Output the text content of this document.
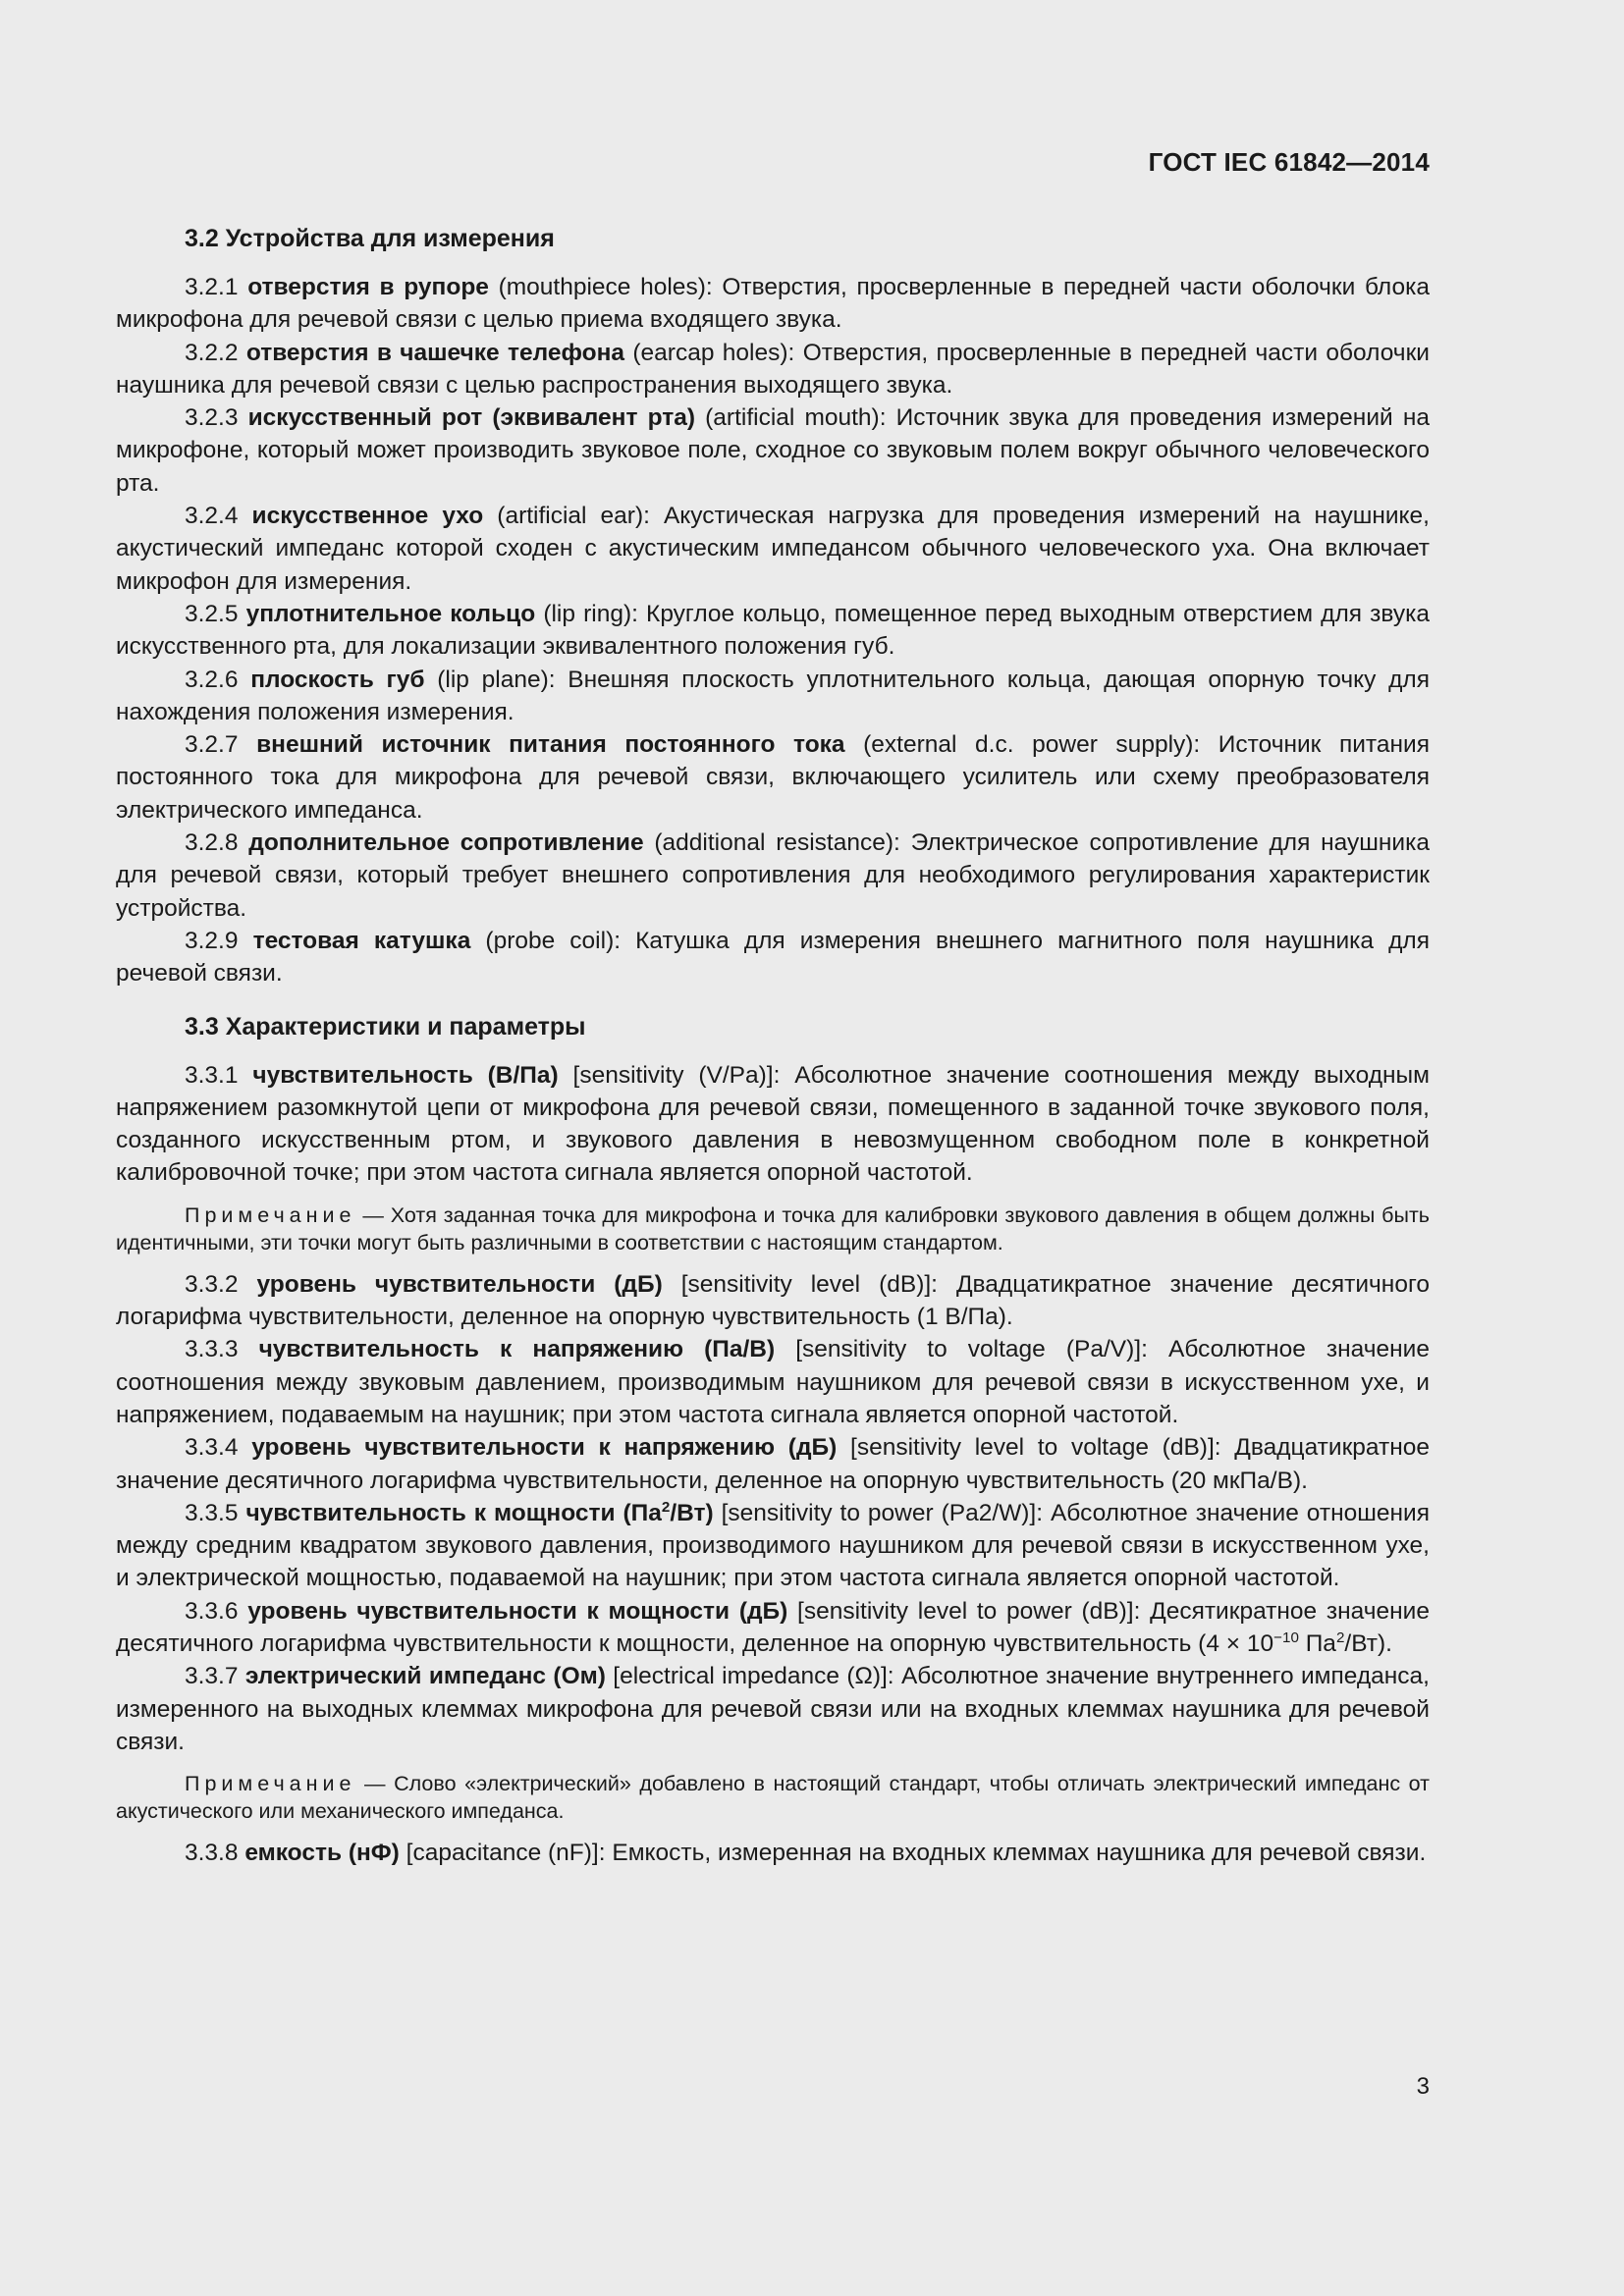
ГОСТ IEC 61842—2014
3.2 Устройства для измерения

3.2.1 отверстия в рупоре (mouthpiece holes): Отверстия, просверленные в передней части оболочки блока микрофона для речевой связи с целью приема входящего звука.

3.2.2 отверстия в чашечке телефона (earcap holes): Отверстия, просверленные в передней части оболочки наушника для речевой связи с целью распространения выходящего звука.

3.2.3 искусственный рот (эквивалент рта) (artificial mouth): Источник звука для проведения измерений на микрофоне, который может производить звуковое поле, сходное со звуковым полем вокруг обычного человеческого рта.

3.2.4 искусственное ухо (artificial ear): Акустическая нагрузка для проведения измерений на наушнике, акустический импеданс которой сходен с акустическим импедансом обычного человеческого уха. Она включает микрофон для измерения.

3.2.5 уплотнительное кольцо (lip ring): Круглое кольцо, помещенное перед выходным отверстием для звука искусственного рта, для локализации эквивалентного положения губ.

3.2.6 плоскость губ (lip plane): Внешняя плоскость уплотнительного кольца, дающая опорную точку для нахождения положения измерения.

3.2.7 внешний источник питания постоянного тока (external d.c. power supply): Источник питания постоянного тока для микрофона для речевой связи, включающего усилитель или схему преобразователя электрического импеданса.

3.2.8 дополнительное сопротивление (additional resistance): Электрическое сопротивление для наушника для речевой связи, который требует внешнего сопротивления для необходимого регулирования характеристик устройства.

3.2.9 тестовая катушка (probe coil): Катушка для измерения внешнего магнитного поля наушника для речевой связи.

3.3 Характеристики и параметры

3.3.1 чувствительность (В/Па) [sensitivity (V/Pa)]: Абсолютное значение соотношения между выходным напряжением разомкнутой цепи от микрофона для речевой связи, помещенного в заданной точке звукового поля, созданного искусственным ртом, и звукового давления в невозмущенном свободном поле в конкретной калибровочной точке; при этом частота сигнала является опорной частотой.

Примечание — Хотя заданная точка для микрофона и точка для калибровки звукового давления в общем должны быть идентичными, эти точки могут быть различными в соответствии с настоящим стандартом.

3.3.2 уровень чувствительности (дБ) [sensitivity level (dB)]: Двадцатикратное значение десятичного логарифма чувствительности, деленное на опорную чувствительность (1 В/Па).

3.3.3 чувствительность к напряжению (Па/В) [sensitivity to voltage (Pa/V)]: Абсолютное значение соотношения между звуковым давлением, производимым наушником для речевой связи в искусственном ухе, и напряжением, подаваемым на наушник; при этом частота сигнала является опорной частотой.

3.3.4 уровень чувствительности к напряжению (дБ) [sensitivity level to voltage (dB)]: Двадцатикратное значение десятичного логарифма чувствительности, деленное на опорную чувствительность (20 мкПа/В).

3.3.5 чувствительность к мощности $(Па^2/Вт)$ [sensitivity to power (Pa2/W)]: Абсолютное значение отношения между средним квадратом звукового давления, производимого наушником для речевой связи в искусственном ухе, и электрической мощностью, подаваемой на наушник; при этом частота сигнала является опорной частотой.

3.3.6 уровень чувствительности к мощности (дБ) [sensitivity level to power (dB)]: Десятикратное значение десятичного логарифма чувствительности к мощности, деленное на опорную чувствительность ($4 \times 10^{-10}$ $Па^2/Вт$).

3.3.7 электрический импеданс (Ом) [electrical impedance (Ω)]: Абсолютное значение внутреннего импеданса, измеренного на выходных клеммах микрофона для речевой связи или на входных клеммах наушника для речевой связи.

Примечание — Слово «электрический» добавлено в настоящий стандарт, чтобы отличать электрический импеданс от акустического или механического импеданса.

3.3.8 емкость (нФ) [capacitance (nF)]: Емкость, измеренная на входных клеммах наушника для речевой связи.

3
